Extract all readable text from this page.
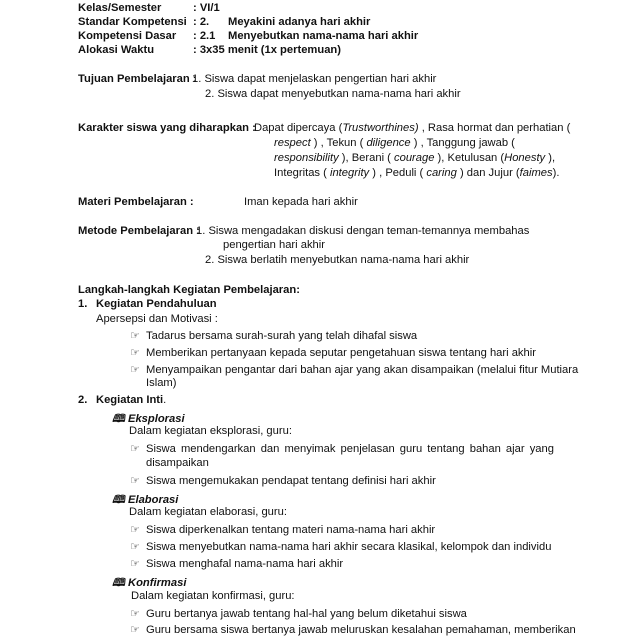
Kelas/Semester	: VI/1
Standar Kompetensi : 2. Meyakini adanya hari akhir
Kompetensi Dasar : 2.1 Menyebutkan nama-nama hari akhir
Alokasi Waktu	: 3x35 menit (1x pertemuan)
Tujuan Pembelajaran :
1. Siswa dapat menjelaskan pengertian hari akhir
2. Siswa dapat menyebutkan nama-nama hari akhir
Karakter siswa yang diharapkan :
Dapat dipercaya (Trustworthines) , Rasa hormat dan perhatian (
respect ) , Tekun ( diligence ) , Tanggung jawab (
responsibility ), Berani ( courage ), Ketulusan (Honesty ),
Integritas ( integrity ) , Peduli ( caring ) dan Jujur (faimes).
Materi Pembelajaran :	Iman kepada hari akhir
Metode Pembelajaran :
1. Siswa mengadakan diskusi dengan teman-temannya membahas
pengertian hari akhir
2. Siswa berlatih menyebutkan nama-nama hari akhir
Langkah-langkah Kegiatan Pembelajaran:
1. Kegiatan Pendahuluan
Apersepsi dan Motivasi :
☞ Tadarus bersama surah-surah yang telah dihafal siswa
☞ Memberikan pertanyaan kepada seputar pengetahuan siswa tentang hari akhir
☞ Menyampaikan pengantar dari bahan ajar yang akan disampaikan (melalui fitur Mutiara
Islam)
2. Kegiatan Inti.
🕮 Eksplorasi
Dalam kegiatan eksplorasi, guru:
☞ Siswa mendengarkan dan menyimak penjelasan guru tentang bahan ajar yang
disampaikan
☞ Siswa mengemukakan pendapat tentang definisi hari akhir
🕮 Elaborasi
Dalam kegiatan elaborasi, guru:
☞ Siswa diperkenalkan tentang materi nama-nama hari akhir
☞ Siswa menyebutkan nama-nama hari akhir secara klasikal, kelompok dan individu
☞ Siswa menghafal nama-nama hari akhir
🕮 Konfirmasi
Dalam kegiatan konfirmasi, guru:
☞ Guru bertanya jawab tentang hal-hal yang belum diketahui siswa
☞ Guru bersama siswa bertanya jawab meluruskan kesalahan pemahaman, memberikan
